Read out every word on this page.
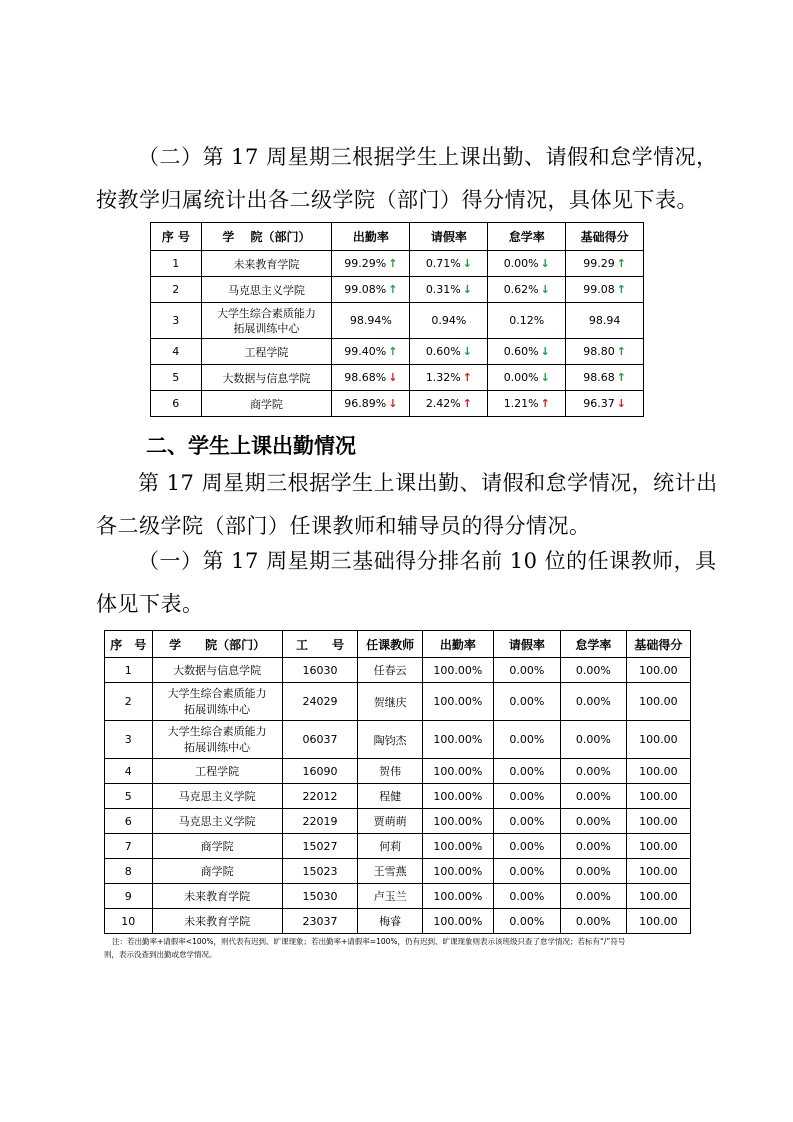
（二）第 17 周星期三根据学生上课出勤、请假和怠学情况，
按教学归属统计出各二级学院（部门）得分情况，具体见下表。
序 号	学　 院（部门）	出勤率	请假率	怠学率	基础得分
1	未来教育学院	99.29% ↑	0.71% ↓	0.00% ↓	99.29 ↑
2	马克思主义学院	99.08% ↑	0.31% ↓	0.62% ↓	99.08 ↑
3	大学生综合素质能力
拓展训练中心	98.94%	0.94%	0.12%	98.94
4	工程学院	99.40% ↑	0.60% ↓	0.60% ↓	98.80 ↑
5	大数据与信息学院	98.68% ↓	1.32% ↑	0.00% ↓	98.68 ↑
6	商学院	96.89% ↓	2.42% ↑	1.21% ↑	96.37 ↓
二、学生上课出勤情况
第 17 周星期三根据学生上课出勤、请假和怠学情况，统计出
各二级学院（部门）任课教师和辅导员的得分情况。
（一）第 17 周星期三基础得分排名前 10 位的任课教师，具
体见下表。
序　号	学　　院（部门）	工　　号	任课教师	出勤率	请假率	怠学率	基础得分
1	大数据与信息学院	16030	任春云	100.00%	0.00%	0.00%	100.00
2	大学生综合素质能力
拓展训练中心	24029	贺继庆	100.00%	0.00%	0.00%	100.00
3	大学生综合素质能力
拓展训练中心	06037	陶钧杰	100.00%	0.00%	0.00%	100.00
4	工程学院	16090	贺伟	100.00%	0.00%	0.00%	100.00
5	马克思主义学院	22012	程健	100.00%	0.00%	0.00%	100.00
6	马克思主义学院	22019	贾萌萌	100.00%	0.00%	0.00%	100.00
7	商学院	15027	何莉	100.00%	0.00%	0.00%	100.00
8	商学院	15023	王雪燕	100.00%	0.00%	0.00%	100.00
9	未来教育学院	15030	卢玉兰	100.00%	0.00%	0.00%	100.00
10	未来教育学院	23037	梅睿	100.00%	0.00%	0.00%	100.00
注：若出勤率+请假率<100%，则代表有迟到、旷课现象；若出勤率+请假率=100%，仍有迟到、旷课现象则表示该班级只查了怠学情况；若标有“/”符号
则，表示没查到出勤或怠学情况。
